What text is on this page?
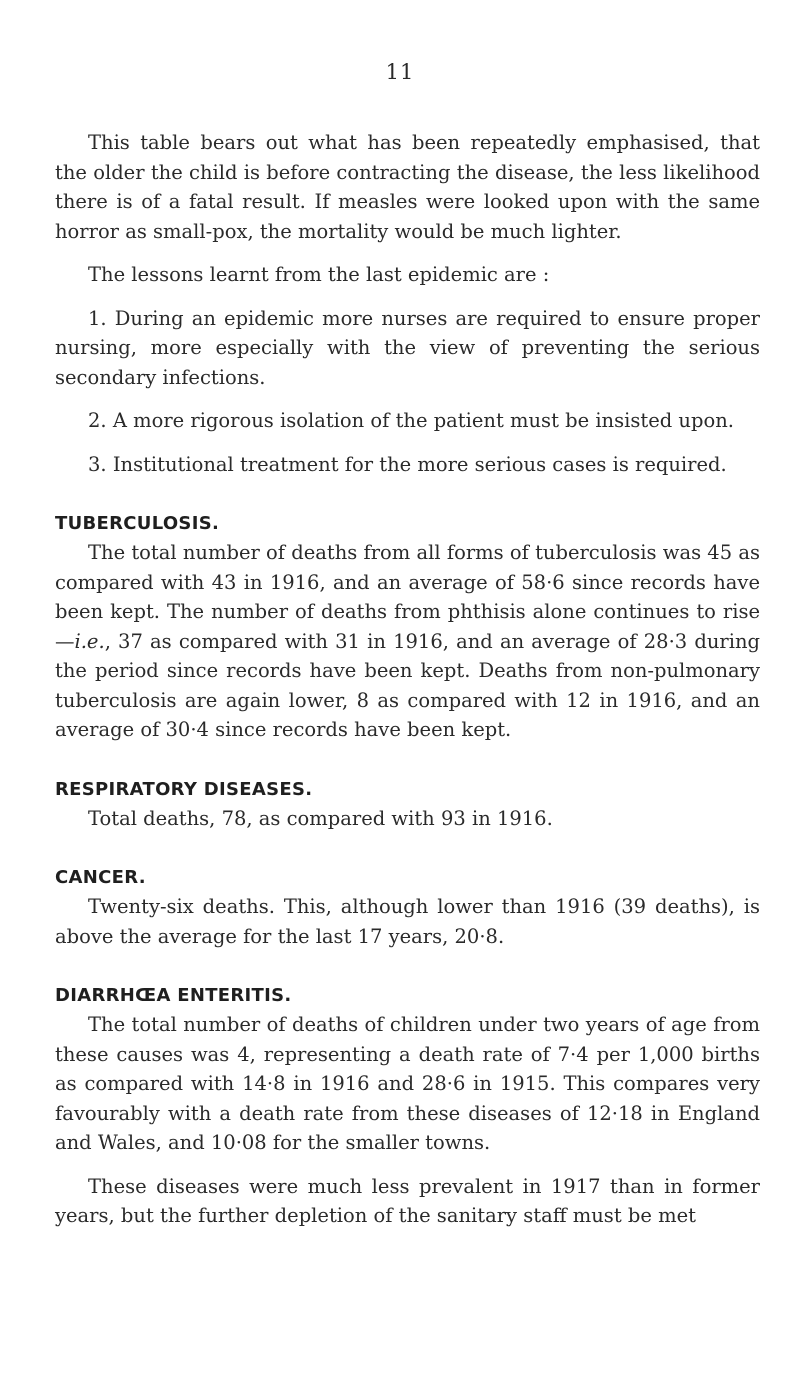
11

This table bears out what has been repeatedly emphasised, that the older the child is before contracting the disease, the less likelihood there is of a fatal result. If measles were looked upon with the same horror as small-pox, the mortality would be much lighter.

The lessons learnt from the last epidemic are :

1. During an epidemic more nurses are required to ensure proper nursing, more especially with the view of preventing the serious secondary infections.

2. A more rigorous isolation of the patient must be insisted upon.

3. Institutional treatment for the more serious cases is required.

TUBERCULOSIS.

The total number of deaths from all forms of tuberculosis was 45 as compared with 43 in 1916, and an average of 58·6 since records have been kept. The number of deaths from phthisis alone continues to rise—i.e., 37 as compared with 31 in 1916, and an average of 28·3 during the period since records have been kept. Deaths from non-pulmonary tuberculosis are again lower, 8 as compared with 12 in 1916, and an average of 30·4 since records have been kept.

RESPIRATORY DISEASES.

Total deaths, 78, as compared with 93 in 1916.

CANCER.

Twenty-six deaths. This, although lower than 1916 (39 deaths), is above the average for the last 17 years, 20·8.

DIARRHŒA ENTERITIS.

The total number of deaths of children under two years of age from these causes was 4, representing a death rate of 7·4 per 1,000 births as compared with 14·8 in 1916 and 28·6 in 1915. This compares very favourably with a death rate from these diseases of 12·18 in England and Wales, and 10·08 for the smaller towns.

These diseases were much less prevalent in 1917 than in former years, but the further depletion of the sanitary staff must be met
